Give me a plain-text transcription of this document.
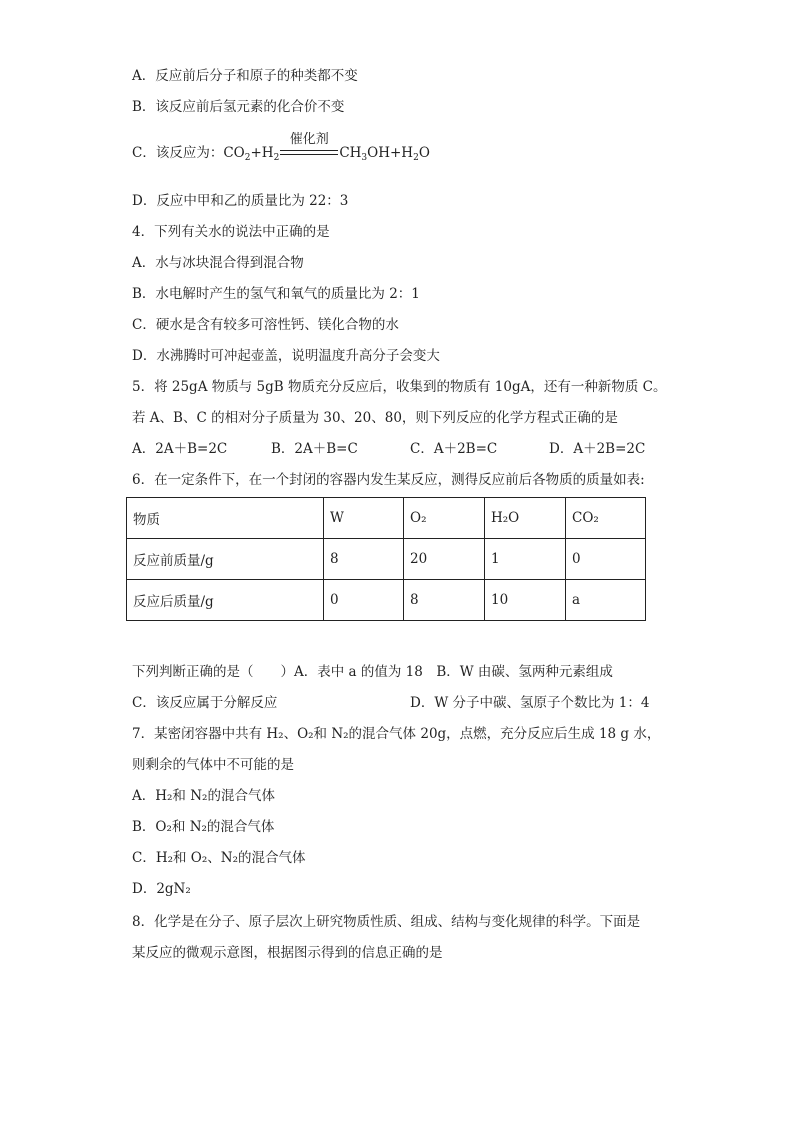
A．反应前后分子和原子的种类都不变
B．该反应前后氢元素的化合价不变
C．该反应为：$CO_2+H_2$
催化剂
$CH_3OH+H_2O$
D．反应中甲和乙的质量比为 22：3
4．下列有关水的说法中正确的是
A．水与冰块混合得到混合物
B．水电解时产生的氢气和氧气的质量比为 2：1
C．硬水是含有较多可溶性钙、镁化合物的水
D．水沸腾时可冲起壶盖，说明温度升高分子会变大
5．将 25gA 物质与 5gB 物质充分反应后，收集到的物质有 10gA，还有一种新物质 C。
若 A、B、C 的相对分子质量为 30、20、80，则下列反应的化学方程式正确的是
A．2A＋B=2C	B．2A＋B=C	C．A＋2B=C	D．A＋2B=2C
6．在一定条件下，在一个封闭的容器内发生某反应，测得反应前后各物质的质量如表:
物质	W	O₂	H₂O	CO₂
反应前质量/g	8	20	1	0
反应后质量/g	0	8	10	a
下列判断正确的是（　　）A．表中 a 的值为 18　B．W 由碳、氢两种元素组成
C．该反应属于分解反应	D．W 分子中碳、氢原子个数比为 1：4
7．某密闭容器中共有 H₂、O₂和 N₂的混合气体 20g，点燃，充分反应后生成 18 g 水，
则剩余的气体中不可能的是
A．H₂和 N₂的混合气体
B．O₂和 N₂的混合气体
C．H₂和 O₂、N₂的混合气体
D．2gN₂
8．化学是在分子、原子层次上研究物质性质、组成、结构与变化规律的科学。下面是
某反应的微观示意图，根据图示得到的信息正确的是
